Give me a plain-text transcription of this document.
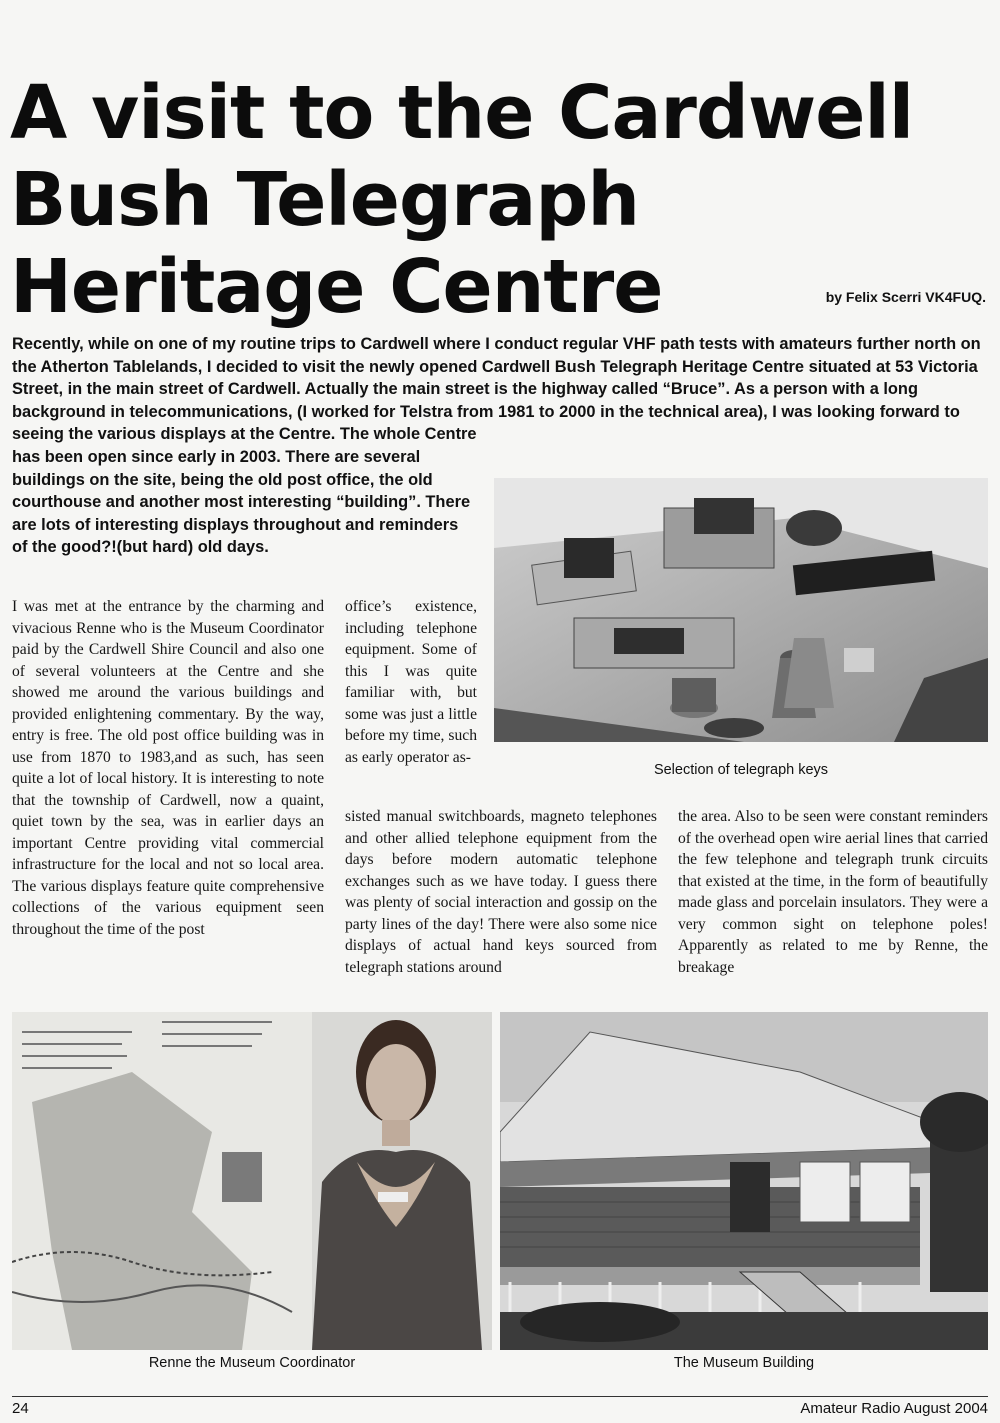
A visit to the Cardwell Bush Telegraph Heritage Centre	by Felix Scerri VK4FUQ.

Recently, while on one of my routine trips to Cardwell where I conduct regular VHF path tests with amateurs further north on the Atherton Tablelands, I decided to visit the newly opened Cardwell Bush Telegraph Heritage Centre situated at 53 Victoria Street, in the main street of Cardwell. Actually the main street is the highway called “Bruce”. As a person with a long background in telecommunications, (I worked for Telstra from 1981 to 2000 in the technical area), I was looking forward to seeing the various displays at the Centre. The whole Centre

has been open since early in 2003. There are several buildings on the site, being the old post office, the old courthouse and another most interesting “building”. There are lots of interesting displays throughout and reminders of the good?!(but hard) old days.

Selection of telegraph keys

I was met at the entrance by the charming and vivacious Renne who is the Museum Coordinator paid by the Cardwell Shire Council and also one of several volunteers at the Centre and she showed me around the various buildings and provided enlightening commentary. By the way, entry is free. The old post office building was in use from 1870 to 1983,and as such, has seen quite a lot of local history. It is interesting to note that the township of Cardwell, now a quaint, quiet town by the sea, was in earlier days an important Centre providing vital commercial infrastructure for the local and not so local area. The various displays feature quite comprehensive collections of the various equipment seen throughout the time of the post

office’s existence, including telephone equipment. Some of this I was quite familiar with, but some was just a little before my time, such as early operator as-

sisted manual switchboards, magneto telephones and other allied telephone equipment from the days before modern automatic telephone exchanges such as we have today. I guess there was plenty of social interaction and gossip on the party lines of the day! There were also some nice displays of actual hand keys sourced from telegraph stations around

the area. Also to be seen were constant reminders of the overhead open wire aerial lines that carried the few telephone and telegraph trunk circuits that existed at the time, in the form of beautifully made glass and porcelain insulators. They were a very common sight on telephone poles! Apparently as related to me by Renne, the breakage

Renne the Museum Coordinator	The Museum Building
24	Amateur Radio August 2004
